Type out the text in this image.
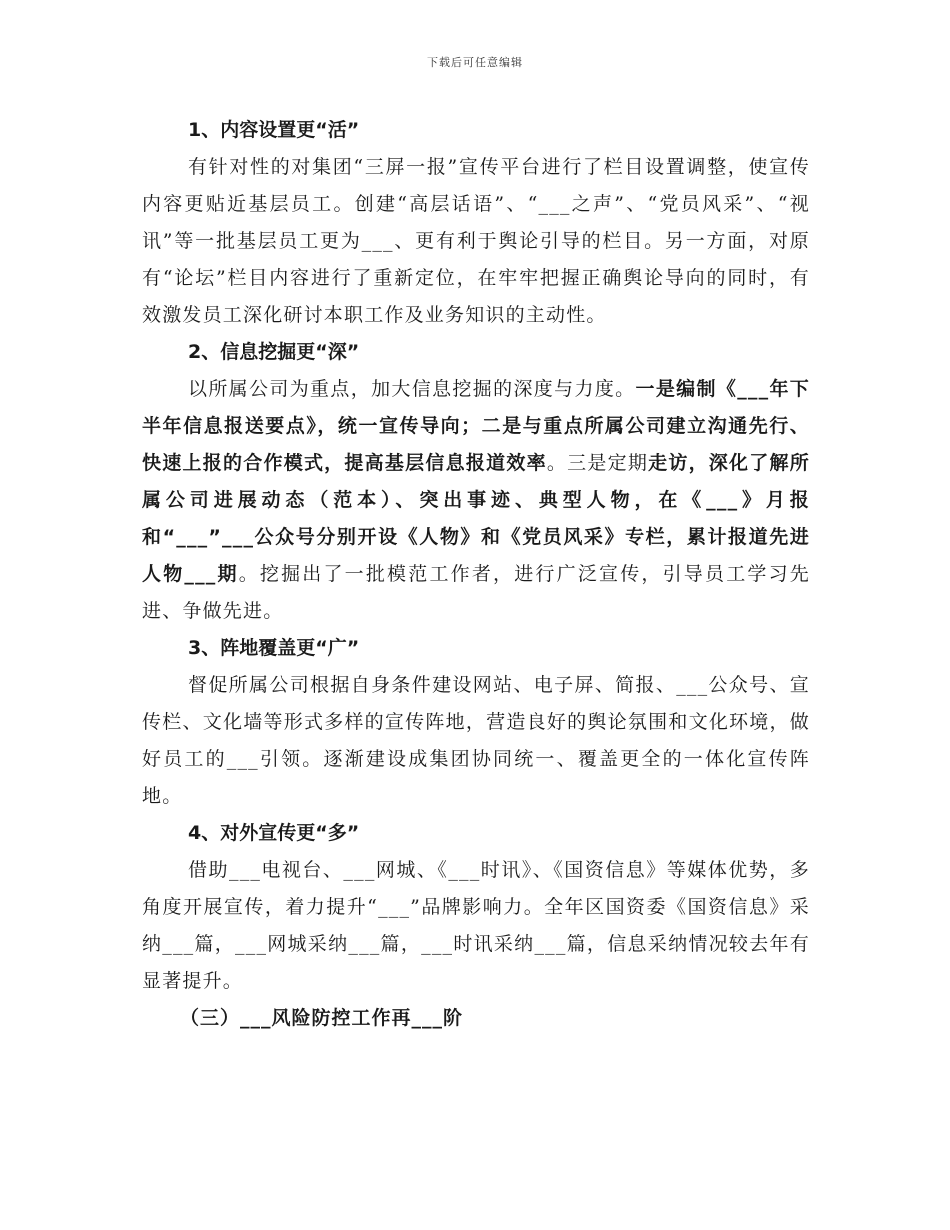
下载后可任意编辑

1、内容设置更“活”

有针对性的对集团“三屏一报”宣传平台进行了栏目设置调整，使宣传内容更贴近基层员工。创建“高层话语”、“___之声”、“党员风采”、“视讯”等一批基层员工更为___、更有利于舆论引导的栏目。另一方面，对原有“论坛”栏目内容进行了重新定位，在牢牢把握正确舆论导向的同时，有效激发员工深化研讨本职工作及业务知识的主动性。

2、信息挖掘更“深”

以所属公司为重点，加大信息挖掘的深度与力度。一是编制《___年下半年信息报送要点》，统一宣传导向；二是与重点所属公司建立沟通先行、快速上报的合作模式，提高基层信息报道效率。三是定期走访，深化了解所属公司进展动态（范本）、突出事迹、典型人物，在《___》月报和“___”___公众号分别开设《人物》和《党员风采》专栏，累计报道先进人物___期。挖掘出了一批模范工作者，进行广泛宣传，引导员工学习先进、争做先进。

3、阵地覆盖更“广”

督促所属公司根据自身条件建设网站、电子屏、简报、___公众号、宣传栏、文化墙等形式多样的宣传阵地，营造良好的舆论氛围和文化环境，做好员工的___引领。逐渐建设成集团协同统一、覆盖更全的一体化宣传阵地。

4、对外宣传更“多”

借助___电视台、___网城、《___时讯》、《国资信息》等媒体优势，多角度开展宣传，着力提升“___”品牌影响力。全年区国资委《国资信息》采纳___篇，___网城采纳___篇，___时讯采纳___篇，信息采纳情况较去年有显著提升。

（三）___风险防控工作再___阶
